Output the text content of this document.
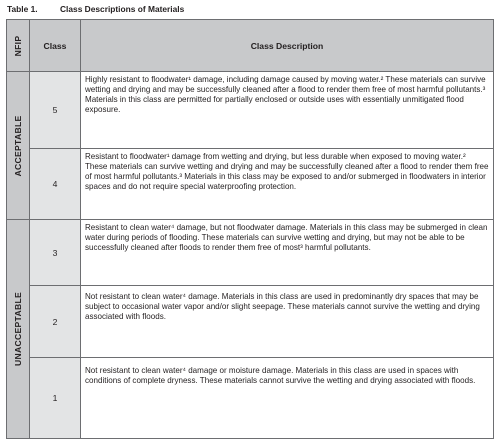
Table 1.	Class Descriptions of Materials
NFIP	Class	Class Description

ACCEPTABLE	5	Highly resistant to floodwater¹ damage, including damage caused by moving water.² These materials can survive wetting and drying and may be successfully cleaned after a flood to render them free of most harmful pollutants.³ Materials in this class are permitted for partially enclosed or outside uses with essentially unmitigated flood exposure.
	4	Resistant to floodwater¹ damage from wetting and drying, but less durable when exposed to moving water.² These materials can survive wetting and drying and may be successfully cleaned after a flood to render them free of most harmful pollutants.³ Materials in this class may be exposed to and/or submerged in floodwaters in interior spaces and do not require special waterproofing protection.

UNACCEPTABLE	3	Resistant to clean water⁴ damage, but not floodwater damage. Materials in this class may be submerged in clean water during periods of flooding. These materials can survive wetting and drying, but may not be able to be successfully cleaned after floods to render them free of most³ harmful pollutants.
	2	Not resistant to clean water⁴ damage. Materials in this class are used in predominantly dry spaces that may be subject to occasional water vapor and/or slight seepage. These materials cannot survive the wetting and drying associated with floods.
	1	Not resistant to clean water⁴ damage or moisture damage. Materials in this class are used in spaces with conditions of complete dryness. These materials cannot survive the wetting and drying associated with floods.
